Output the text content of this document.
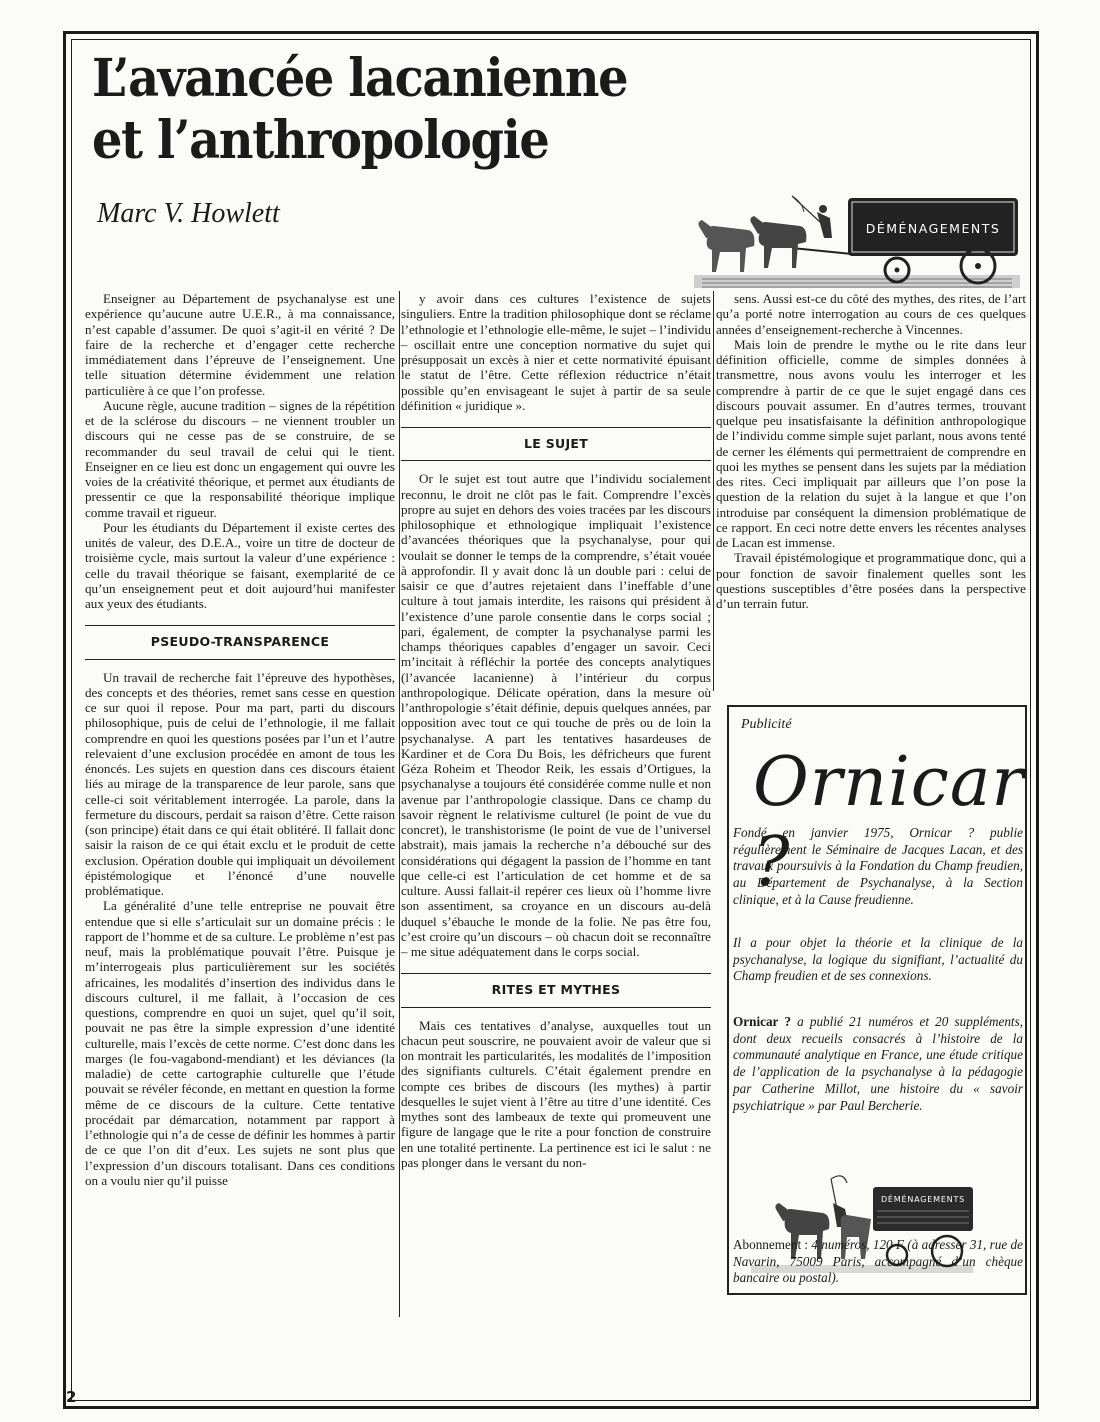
L’avancée lacanienne
et l’anthropologie
Marc V. Howlett	DÉMÉNAGEMENTS

Enseigner au Département de psychanalyse est une expérience qu’aucune autre U.E.R., à ma connaissance, n’est capable d’assumer. De quoi s’agit-il en vérité ? De faire de la recherche et d’engager cette recherche immédiatement dans l’épreuve de l’enseignement. Une telle situation détermine évidemment une relation particulière à ce que l’on professe.

Aucune règle, aucune tradition – signes de la répétition et de la sclérose du discours – ne viennent troubler un discours qui ne cesse pas de se construire, de se recommander du seul travail de celui qui le tient. Enseigner en ce lieu est donc un engagement qui ouvre les voies de la créativité théorique, et permet aux étudiants de pressentir ce que la responsabilité théorique implique comme travail et rigueur.

Pour les étudiants du Département il existe certes des unités de valeur, des D.E.A., voire un titre de docteur de troisième cycle, mais surtout la valeur d’une expérience : celle du travail théorique se faisant, exemplarité de ce qu’un enseignement peut et doit aujourd’hui manifester aux yeux des étudiants.

PSEUDO-TRANSPARENCE

Un travail de recherche fait l’épreuve des hypothèses, des concepts et des théories, remet sans cesse en question ce sur quoi il repose. Pour ma part, parti du discours philosophique, puis de celui de l’ethnologie, il me fallait comprendre en quoi les questions posées par l’un et l’autre relevaient d’une exclusion procédée en amont de tous les énoncés. Les sujets en question dans ces discours étaient liés au mirage de la transparence de leur parole, sans que celle-ci soit véritablement interrogée. La parole, dans la fermeture du discours, perdait sa raison d’être. Cette raison (son principe) était dans ce qui était oblitéré. Il fallait donc saisir la raison de ce qui était exclu et le produit de cette exclusion. Opération double qui impliquait un dévoilement épistémologique et l’énoncé d’une nouvelle problématique.

La généralité d’une telle entreprise ne pouvait être entendue que si elle s’articulait sur un domaine précis : le rapport de l’homme et de sa culture. Le problème n’est pas neuf, mais la problématique pouvait l’être. Puisque je m’interrogeais plus particulièrement sur les sociétés africaines, les modalités d’insertion des individus dans le discours culturel, il me fallait, à l’occasion de ces questions, comprendre en quoi un sujet, quel qu’il soit, pouvait ne pas être la simple expression d’une identité culturelle, mais l’excès de cette norme. C’est donc dans les marges (le fou-vagabond-mendiant) et les déviances (la maladie) de cette cartographie culturelle que l’étude pouvait se révéler féconde, en mettant en question la forme même de ce discours de la culture. Cette tentative procédait par démarcation, notamment par rapport à l’ethnologie qui n’a de cesse de définir les hommes à partir de ce que l’on dit d’eux. Les sujets ne sont plus que l’expression d’un discours totalisant. Dans ces conditions on a voulu nier qu’il puisse

y avoir dans ces cultures l’existence de sujets singuliers. Entre la tradition philosophique dont se réclame l’ethnologie et l’ethnologie elle-même, le sujet – l’individu – oscillait entre une conception normative du sujet qui présupposait un excès à nier et cette normativité épuisant le statut de l’être. Cette réflexion réductrice n’était possible qu’en envisageant le sujet à partir de sa seule définition « juridique ».

LE SUJET

Or le sujet est tout autre que l’individu socialement reconnu, le droit ne clôt pas le fait. Comprendre l’excès propre au sujet en dehors des voies tracées par les discours philosophique et ethnologique impliquait l’existence d’avancées théoriques que la psychanalyse, pour qui voulait se donner le temps de la comprendre, s’était vouée à approfondir. Il y avait donc là un double pari : celui de saisir ce que d’autres rejetaient dans l’ineffable d’une culture à tout jamais interdite, les raisons qui président à l’existence d’une parole consentie dans le corps social ; pari, également, de compter la psychanalyse parmi les champs théoriques capables d’engager un savoir. Ceci m’incitait à réfléchir la portée des concepts analytiques (l’avancée lacanienne) à l’intérieur du corpus anthropologique. Délicate opération, dans la mesure où l’anthropologie s’était définie, depuis quelques années, par opposition avec tout ce qui touche de près ou de loin la psychanalyse. A part les tentatives hasardeuses de Kardiner et de Cora Du Bois, les défricheurs que furent Géza Roheim et Theodor Reik, les essais d’Ortigues, la psychanalyse a toujours été considérée comme nulle et non avenue par l’anthropologie classique. Dans ce champ du savoir règnent le relativisme culturel (le point de vue du concret), le transhistorisme (le point de vue de l’universel abstrait), mais jamais la recherche n’a débouché sur des considérations qui dégagent la passion de l’homme en tant que celle-ci est l’articulation de cet homme et de sa culture. Aussi fallait-il repérer ces lieux où l’homme livre son assentiment, sa croyance en un discours au-delà duquel s’ébauche le monde de la folie. Ne pas être fou, c’est croire qu’un discours – où chacun doit se reconnaître – me situe adéquatement dans le corps social.

RITES ET MYTHES

Mais ces tentatives d’analyse, auxquelles tout un chacun peut souscrire, ne pouvaient avoir de valeur que si on montrait les particularités, les modalités de l’imposition des signifiants culturels. C’était également prendre en compte ces bribes de discours (les mythes) à partir desquelles le sujet vient à l’être au titre d’une identité. Ces mythes sont des lambeaux de texte qui promeuvent une figure de langage que le rite a pour fonction de construire en une totalité pertinente. La pertinence est ici le salut : ne pas plonger dans le versant du non-

sens. Aussi est-ce du côté des mythes, des rites, de l’art qu’a porté notre interrogation au cours de ces quelques années d’enseignement-recherche à Vincennes.

Mais loin de prendre le mythe ou le rite dans leur définition officielle, comme de simples données à transmettre, nous avons voulu les interroger et les comprendre à partir de ce que le sujet engagé dans ces discours pouvait assumer. En d’autres termes, trouvant quelque peu insatisfaisante la définition anthropologique de l’individu comme simple sujet parlant, nous avons tenté de cerner les éléments qui permettraient de comprendre en quoi les mythes se pensent dans les sujets par la médiation des rites. Ceci impliquait par ailleurs que l’on pose la question de la relation du sujet à la langue et que l’on introduise par conséquent la dimension problématique de ce rapport. En ceci notre dette envers les récentes analyses de Lacan est immense.

Travail épistémologique et programmatique donc, qui a pour fonction de savoir finalement quelles sont les questions susceptibles d’être posées dans la perspective d’un terrain futur.

Publicité
Ornicar ?

Fondé en janvier 1975, Ornicar ? publie régulièrement le Séminaire de Jacques Lacan, et des travaux poursuivis à la Fondation du Champ freudien, au Département de Psychanalyse, à la Section clinique, et à la Cause freudienne.

Il a pour objet la théorie et la clinique de la psychanalyse, la logique du signifiant, l’actualité du Champ freudien et de ses connexions.

Ornicar ? a publié 21 numéros et 20 suppléments, dont deux recueils consacrés à l’histoire de la communauté analytique en France, une étude critique de l’application de la psychanalyse à la pédagogie par Catherine Millot, une histoire du « savoir psychiatrique » par Paul Bercherie.

DÉMÉNAGEMENTS

Abonnement : 4 numéros, 120 F (à adresser 31, rue de Navarin, 75009 Paris, accompagné d’un chèque bancaire ou postal).

2
